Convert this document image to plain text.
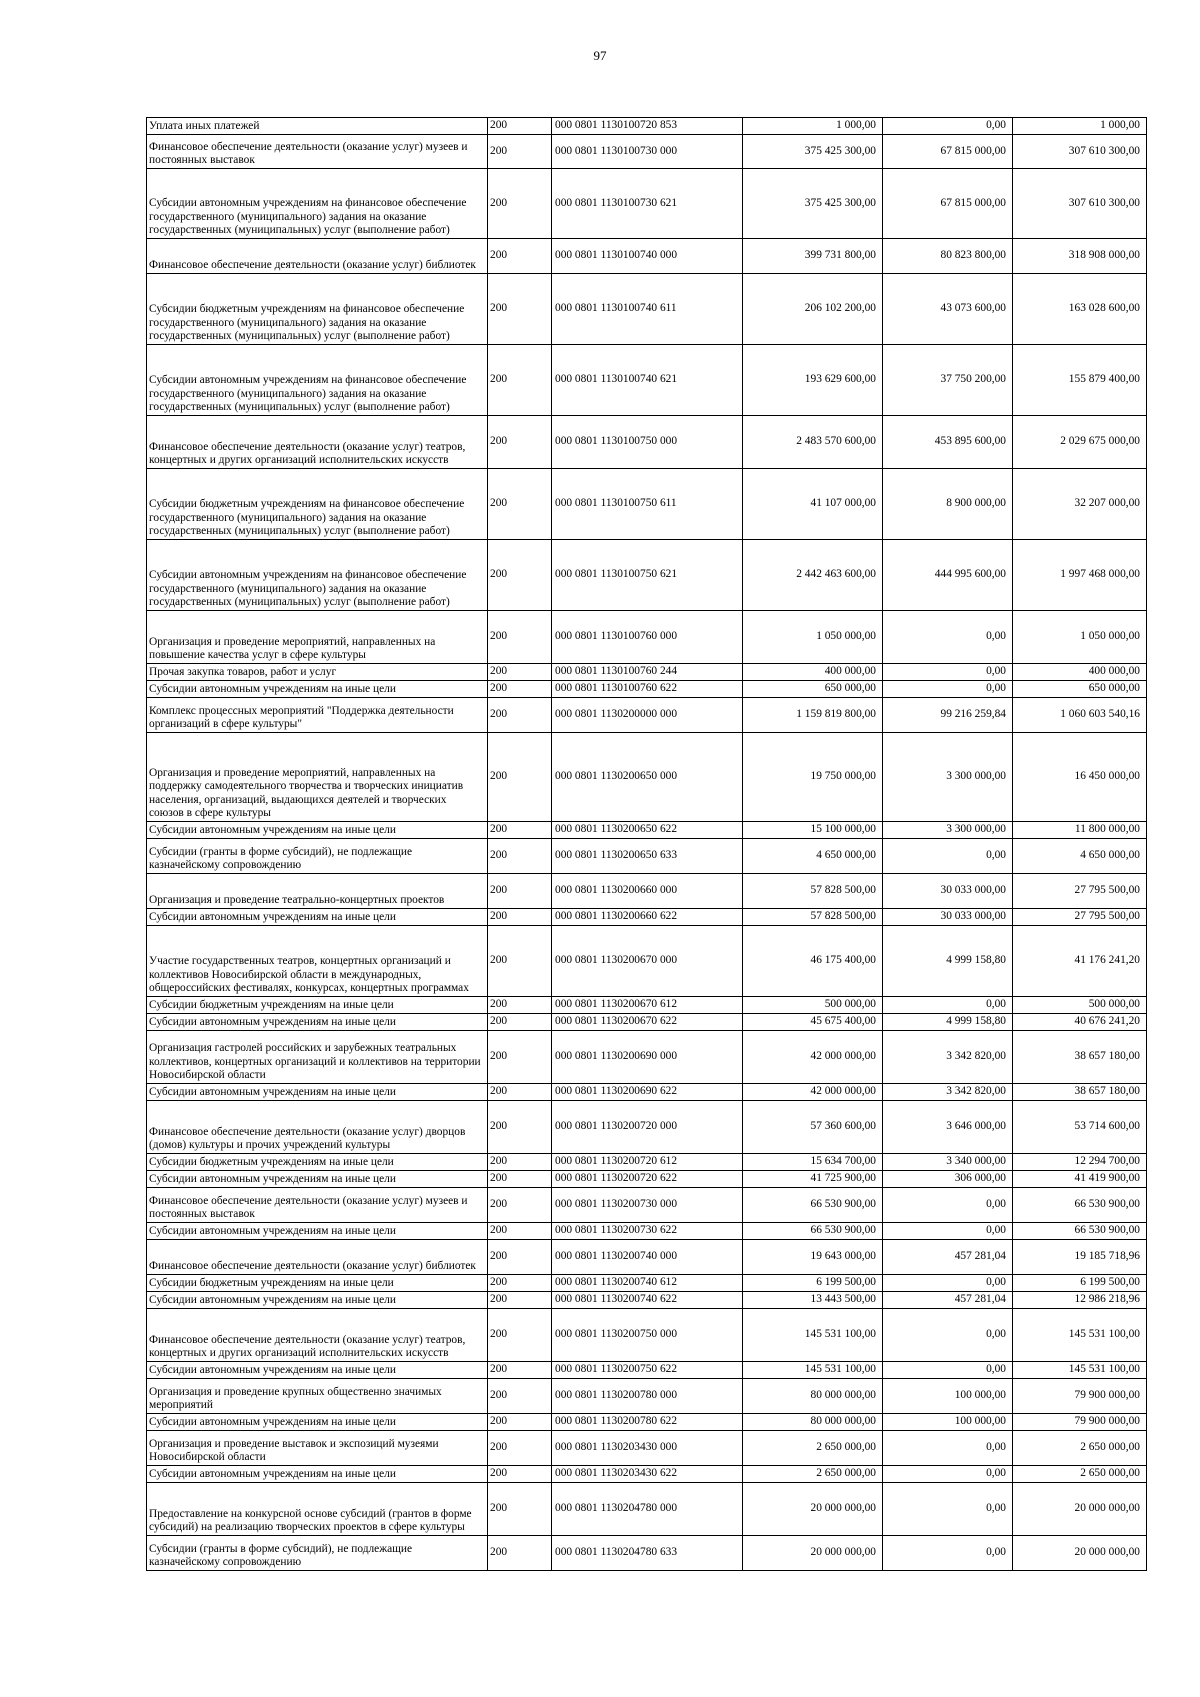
97
Уплата иных платежей	200	000 0801 1130100720 853	1 000,00	0,00	1 000,00
Финансовое обеспечение деятельности (оказание услуг) музеев и постоянных выставок	200	000 0801 1130100730 000	375 425 300,00	67 815 000,00	307 610 300,00
Субсидии автономным учреждениям на финансовое обеспечение государственного (муниципального) задания на оказание государственных (муниципальных) услуг (выполнение работ)	200	000 0801 1130100730 621	375 425 300,00	67 815 000,00	307 610 300,00
Финансовое обеспечение деятельности (оказание услуг) библиотек	200	000 0801 1130100740 000	399 731 800,00	80 823 800,00	318 908 000,00
Субсидии бюджетным учреждениям на финансовое обеспечение государственного (муниципального) задания на оказание государственных (муниципальных) услуг (выполнение работ)	200	000 0801 1130100740 611	206 102 200,00	43 073 600,00	163 028 600,00
Субсидии автономным учреждениям на финансовое обеспечение государственного (муниципального) задания на оказание государственных (муниципальных) услуг (выполнение работ)	200	000 0801 1130100740 621	193 629 600,00	37 750 200,00	155 879 400,00
Финансовое обеспечение деятельности (оказание услуг) театров, концертных и других организаций исполнительских искусств	200	000 0801 1130100750 000	2 483 570 600,00	453 895 600,00	2 029 675 000,00
Субсидии бюджетным учреждениям на финансовое обеспечение государственного (муниципального) задания на оказание государственных (муниципальных) услуг (выполнение работ)	200	000 0801 1130100750 611	41 107 000,00	8 900 000,00	32 207 000,00
Субсидии автономным учреждениям на финансовое обеспечение государственного (муниципального) задания на оказание государственных (муниципальных) услуг (выполнение работ)	200	000 0801 1130100750 621	2 442 463 600,00	444 995 600,00	1 997 468 000,00
Организация и проведение мероприятий, направленных на повышение качества услуг в сфере культуры	200	000 0801 1130100760 000	1 050 000,00	0,00	1 050 000,00
Прочая закупка товаров, работ и услуг	200	000 0801 1130100760 244	400 000,00	0,00	400 000,00
Субсидии автономным учреждениям на иные цели	200	000 0801 1130100760 622	650 000,00	0,00	650 000,00
Комплекс процессных мероприятий "Поддержка деятельности организаций в сфере культуры"	200	000 0801 1130200000 000	1 159 819 800,00	99 216 259,84	1 060 603 540,16
Организация и проведение мероприятий, направленных на поддержку самодеятельного творчества и творческих инициатив населения, организаций, выдающихся деятелей и творческих союзов в сфере культуры	200	000 0801 1130200650 000	19 750 000,00	3 300 000,00	16 450 000,00
Субсидии автономным учреждениям на иные цели	200	000 0801 1130200650 622	15 100 000,00	3 300 000,00	11 800 000,00
Субсидии (гранты в форме субсидий), не подлежащие казначейскому сопровождению	200	000 0801 1130200650 633	4 650 000,00	0,00	4 650 000,00
Организация и проведение театрально-концертных проектов	200	000 0801 1130200660 000	57 828 500,00	30 033 000,00	27 795 500,00
Субсидии автономным учреждениям на иные цели	200	000 0801 1130200660 622	57 828 500,00	30 033 000,00	27 795 500,00
Участие государственных театров, концертных организаций и коллективов Новосибирской области в международных, общероссийских фестивалях, конкурсах, концертных программах	200	000 0801 1130200670 000	46 175 400,00	4 999 158,80	41 176 241,20
Субсидии бюджетным учреждениям на иные цели	200	000 0801 1130200670 612	500 000,00	0,00	500 000,00
Субсидии автономным учреждениям на иные цели	200	000 0801 1130200670 622	45 675 400,00	4 999 158,80	40 676 241,20
Организация гастролей российских и зарубежных театральных коллективов, концертных организаций и коллективов на территории Новосибирской области	200	000 0801 1130200690 000	42 000 000,00	3 342 820,00	38 657 180,00
Субсидии автономным учреждениям на иные цели	200	000 0801 1130200690 622	42 000 000,00	3 342 820,00	38 657 180,00
Финансовое обеспечение деятельности (оказание услуг) дворцов (домов) культуры и прочих учреждений культуры	200	000 0801 1130200720 000	57 360 600,00	3 646 000,00	53 714 600,00
Субсидии бюджетным учреждениям на иные цели	200	000 0801 1130200720 612	15 634 700,00	3 340 000,00	12 294 700,00
Субсидии автономным учреждениям на иные цели	200	000 0801 1130200720 622	41 725 900,00	306 000,00	41 419 900,00
Финансовое обеспечение деятельности (оказание услуг) музеев и постоянных выставок	200	000 0801 1130200730 000	66 530 900,00	0,00	66 530 900,00
Субсидии автономным учреждениям на иные цели	200	000 0801 1130200730 622	66 530 900,00	0,00	66 530 900,00
Финансовое обеспечение деятельности (оказание услуг) библиотек	200	000 0801 1130200740 000	19 643 000,00	457 281,04	19 185 718,96
Субсидии бюджетным учреждениям на иные цели	200	000 0801 1130200740 612	6 199 500,00	0,00	6 199 500,00
Субсидии автономным учреждениям на иные цели	200	000 0801 1130200740 622	13 443 500,00	457 281,04	12 986 218,96
Финансовое обеспечение деятельности (оказание услуг) театров, концертных и других организаций исполнительских искусств	200	000 0801 1130200750 000	145 531 100,00	0,00	145 531 100,00
Субсидии автономным учреждениям на иные цели	200	000 0801 1130200750 622	145 531 100,00	0,00	145 531 100,00
Организация и проведение крупных общественно значимых мероприятий	200	000 0801 1130200780 000	80 000 000,00	100 000,00	79 900 000,00
Субсидии автономным учреждениям на иные цели	200	000 0801 1130200780 622	80 000 000,00	100 000,00	79 900 000,00
Организация и проведение выставок и экспозиций музеями Новосибирской области	200	000 0801 1130203430 000	2 650 000,00	0,00	2 650 000,00
Субсидии автономным учреждениям на иные цели	200	000 0801 1130203430 622	2 650 000,00	0,00	2 650 000,00
Предоставление на конкурсной основе субсидий (грантов в форме субсидий) на реализацию творческих проектов в сфере культуры	200	000 0801 1130204780 000	20 000 000,00	0,00	20 000 000,00
Субсидии (гранты в форме субсидий), не подлежащие казначейскому сопровождению	200	000 0801 1130204780 633	20 000 000,00	0,00	20 000 000,00
